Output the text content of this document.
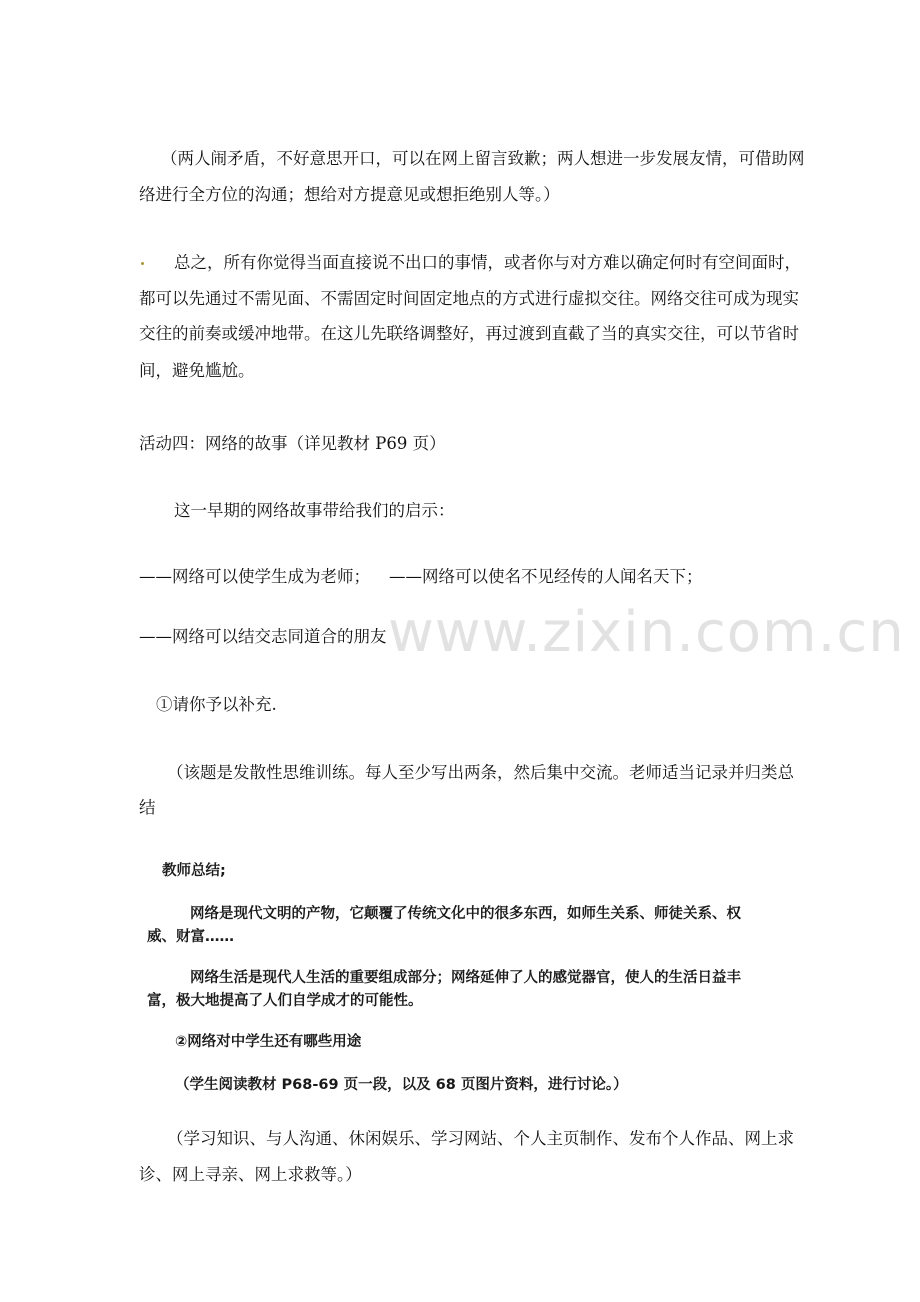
（两人闹矛盾，不好意思开口，可以在网上留言致歉；两人想进一步发展友情，可借助网
络进行全方位的沟通；想给对方提意见或想拒绝别人等。）
总之，所有你觉得当面直接说不出口的事情，或者你与对方难以确定何时有空间面时，
都可以先通过不需见面、不需固定时间固定地点的方式进行虚拟交往。网络交往可成为现实
交往的前奏或缓冲地带。在这儿先联络调整好，再过渡到直截了当的真实交往，可以节省时
间，避免尴尬。
活动四：网络的故事（详见教材 P69 页）
这一早期的网络故事带给我们的启示：
——网络可以使学生成为老师； ——网络可以使名不见经传的人闻名天下；
www.zixin.com.cn
——网络可以结交志同道合的朋友
①请你予以补充.
（该题是发散性思维训练。每人至少写出两条，然后集中交流。老师适当记录并归类总
结
教师总结;
网络是现代文明的产物，它颠覆了传统文化中的很多东西，如师生关系、师徒关系、权
威、财富……
网络生活是现代人生活的重要组成部分；网络延伸了人的感觉器官，使人的生活日益丰
富，极大地提高了人们自学成才的可能性。
②网络对中学生还有哪些用途
（学生阅读教材 P68-69 页一段，以及 68 页图片资料，进行讨论。）
（学习知识、与人沟通、休闲娱乐、学习网站、个人主页制作、发布个人作品、网上求
诊、网上寻亲、网上求救等。）
